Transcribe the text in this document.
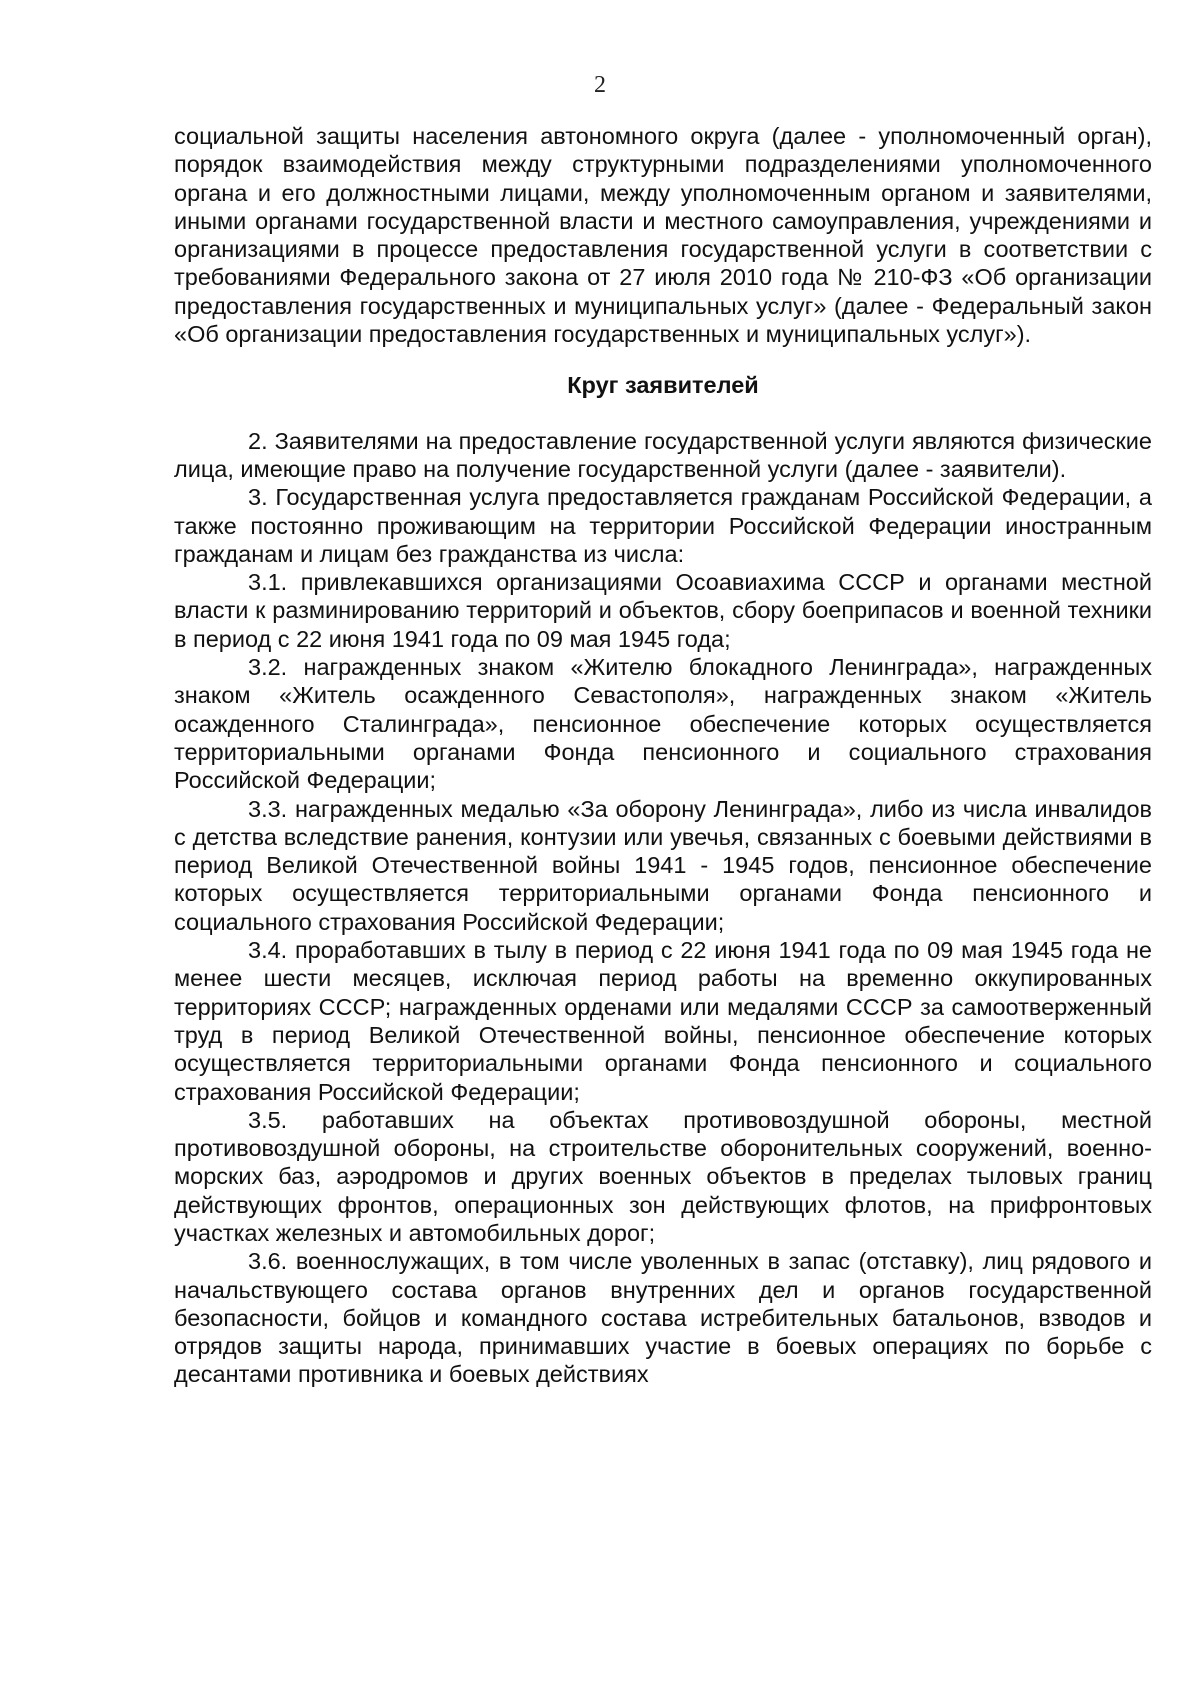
2

социальной защиты населения автономного округа (далее - уполномоченный орган), порядок взаимодействия между структурными подразделениями уполномоченного органа и его должностными лицами, между уполномоченным органом и заявителями, иными органами государственной власти и местного самоуправления, учреждениями и организациями в процессе предоставления государственной услуги в соответствии с требованиями Федерального закона от 27 июля 2010 года № 210-ФЗ «Об организации предоставления государственных и муниципальных услуг» (далее - Федеральный закон «Об организации предоставления государственных и муниципальных услуг»).

Круг заявителей

2. Заявителями на предоставление государственной услуги являются физические лица, имеющие право на получение государственной услуги (далее - заявители).

3. Государственная услуга предоставляется гражданам Российской Федерации, а также постоянно проживающим на территории Российской Федерации иностранным гражданам и лицам без гражданства из числа:

3.1. привлекавшихся организациями Осоавиахима СССР и органами местной власти к разминированию территорий и объектов, сбору боеприпасов и военной техники в период с 22 июня 1941 года по 09 мая 1945 года;

3.2. награжденных знаком «Жителю блокадного Ленинграда», награжденных знаком «Житель осажденного Севастополя», награжденных знаком «Житель осажденного Сталинграда», пенсионное обеспечение которых осуществляется территориальными органами Фонда пенсионного и социального страхования Российской Федерации;

3.3. награжденных медалью «За оборону Ленинграда», либо из числа инвалидов с детства вследствие ранения, контузии или увечья, связанных с боевыми действиями в период Великой Отечественной войны 1941 - 1945 годов, пенсионное обеспечение которых осуществляется территориальными органами Фонда пенсионного и социального страхования Российской Федерации;

3.4. проработавших в тылу в период с 22 июня 1941 года по 09 мая 1945 года не менее шести месяцев, исключая период работы на временно оккупированных территориях СССР; награжденных орденами или медалями СССР за самоотверженный труд в период Великой Отечественной войны, пенсионное обеспечение которых осуществляется территориальными органами Фонда пенсионного и социального страхования Российской Федерации;

3.5. работавших на объектах противовоздушной обороны, местной противовоздушной обороны, на строительстве оборонительных сооружений, военно-морских баз, аэродромов и других военных объектов в пределах тыловых границ действующих фронтов, операционных зон действующих флотов, на прифронтовых участках железных и автомобильных дорог;

3.6. военнослужащих, в том числе уволенных в запас (отставку), лиц рядового и начальствующего состава органов внутренних дел и органов государственной безопасности, бойцов и командного состава истребительных батальонов, взводов и отрядов защиты народа, принимавших участие в боевых операциях по борьбе с десантами противника и боевых действиях
